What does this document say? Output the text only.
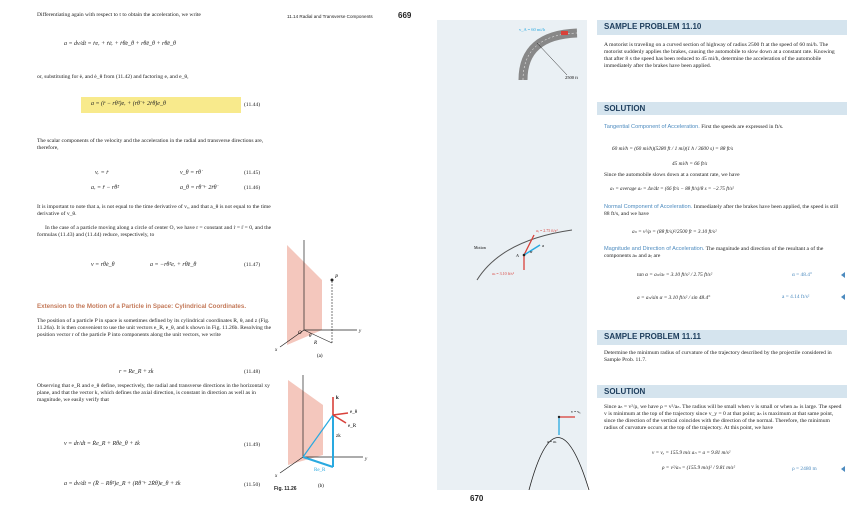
11.14 Radial and Transverse Components	669
Differentiating again with respect to t to obtain the acceleration, we write
a = dv/dt = ṙeᵣ + ṙėᵣ + ṙθ̇e_θ + rθ̈e_θ + rθ̇ė_θ
or, substituting for ėᵣ and ė_θ from (11.42) and factoring eᵣ and e_θ,
a = (r̈ − rθ̇²)eᵣ + (rθ̈ + 2ṙθ̇)e_θ	(11.44)
The scalar components of the velocity and the acceleration in the radial and transverse directions are, therefore,
vᵣ = ṙ	v_θ = rθ̇	(11.45)
aᵣ = r̈ − rθ̇²	a_θ = rθ̈ + 2ṙθ̇	(11.46)
It is important to note that aᵣ is not equal to the time derivative of vᵣ, and that a_θ is not equal to the time derivative of v_θ.
In the case of a particle moving along a circle of center O, we have r = constant and ṙ = r̈ = 0, and the formulas (11.43) and (11.44) reduce, respectively, to
v = rθ̇e_θ	a = −rθ̇²eᵣ + rθ̈e_θ	(11.47)
Extension to the Motion of a Particle in Space: Cylindrical Coordinates.
The position of a particle P in space is sometimes defined by its cylindrical coordinates R, θ, and z (Fig. 11.26a). It is then convenient to use the unit vectors e_R, e_θ, and k shown in Fig. 11.26b. Resolving the position vector r of the particle P into components along the unit vectors, we write
r = Re_R + zk	(11.48)
Observing that e_R and e_θ define, respectively, the radial and transverse directions in the horizontal xy plane, and that the vector k, which defines the axial direction, is constant in direction as well as in magnitude, we easily verify that
v = dr/dt = Ṙe_R + Rθ̇e_θ + żk	(11.49)
a = dv/dt = (R̈ − Rθ̇²)e_R + (Rθ̈ + 2Ṙθ̇)e_θ + z̈k	(11.50)
P
O	y
x
R
θ
(a)
k
e_θ
e_R
zk
Re_R
y
x
(b)
Fig. 11.26
SAMPLE PROBLEM 11.10
A motorist is traveling on a curved section of highway of radius 2500 ft at the speed of 60 mi/h. The motorist suddenly applies the brakes, causing the automobile to slow down at a constant rate. Knowing that after 8 s the speed has been reduced to 45 mi/h, determine the acceleration of the automobile immediately after the brakes have been applied.
2500 ft
v_A = 60 mi/h
SOLUTION
Tangential Component of Acceleration. First the speeds are expressed in ft/s.
60 mi/h = (60 mi/h)(5280 ft / 1 mi)(1 h / 3600 s) = 88 ft/s
45 mi/h = 66 ft/s
Since the automobile slows down at a constant rate, we have
aₜ = average aₜ = Δv/Δt = (66 ft/s − 88 ft/s)/8 s = −2.75 ft/s²
Normal Component of Acceleration. Immediately after the brakes have been applied, the speed is still 88 ft/s, and we have
aₙ = v²/ρ = (88 ft/s)²/2500 ft = 3.10 ft/s²
Magnitude and Direction of Acceleration. The magnitude and direction of the resultant a of the components aₙ and aₜ are
tan α = aₙ/aₜ = 3.10 ft/s² / 2.75 ft/s²	α = 48.4°
a = aₙ/sin α = 3.10 ft/s² / sin 48.4°	a = 4.14 ft/s²
A
aₜ = 2.75 ft/s²
aₙ = 3.10 ft/s²
a
α
Motion
SAMPLE PROBLEM 11.11
Determine the minimum radius of curvature of the trajectory described by the projectile considered in Sample Prob. 11.7.
SOLUTION
Since aₙ = v²/ρ, we have ρ = v²/aₙ. The radius will be small when v is small or when aₙ is large. The speed v is minimum at the top of the trajectory since v_y = 0 at that point; aₙ is maximum at that same point, since the direction of the vertical coincides with the direction of the normal. Therefore, the minimum radius of curvature occurs at the top of the trajectory. At this point, we have
v = vₓ = 155.9 m/s aₙ = a = 9.81 m/s²
ρ = v²/aₙ = (155.9 m/s)² / 9.81 m/s²	ρ = 2480 m
v = vₓ
a = aₙ
670
